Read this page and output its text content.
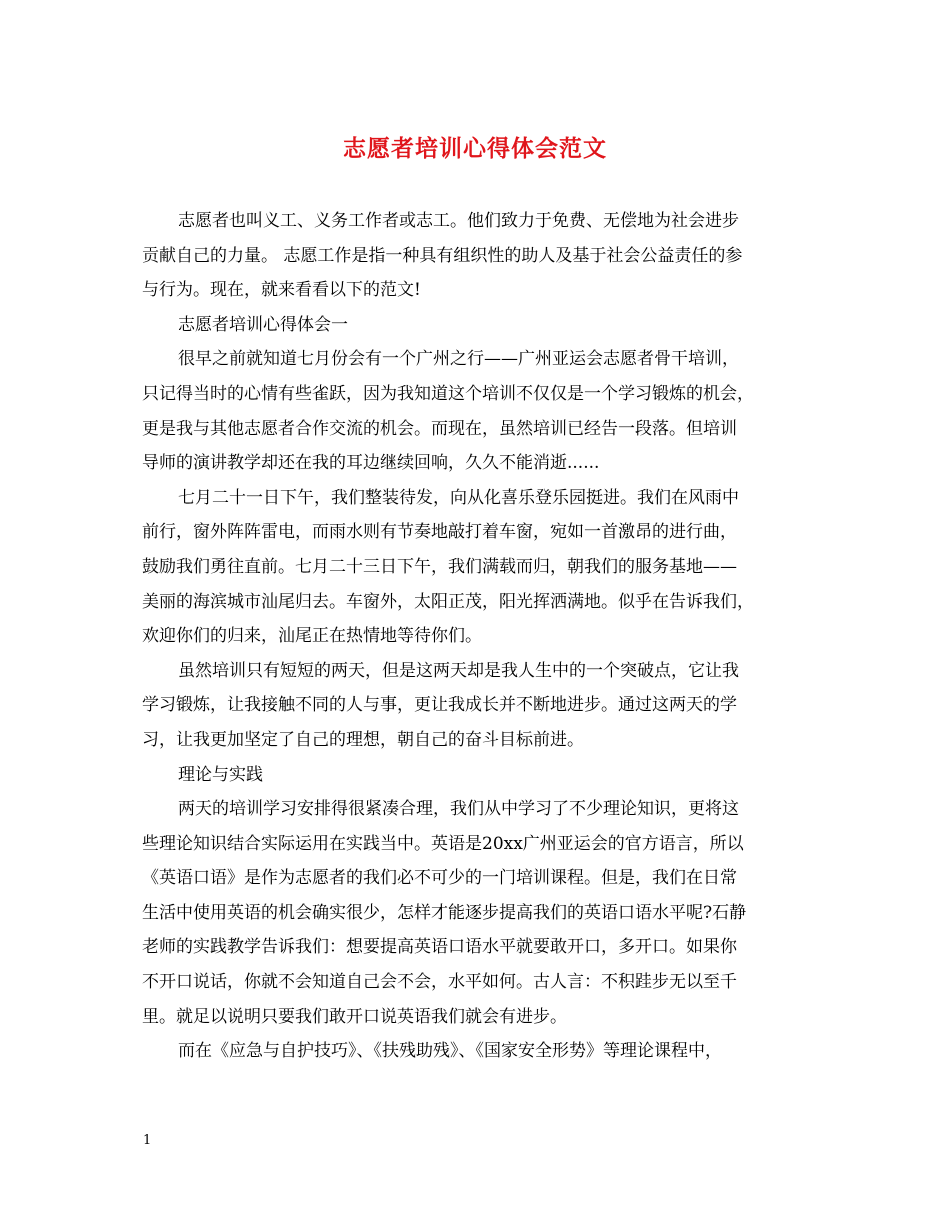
志愿者培训心得体会范文
志愿者也叫义工、义务工作者或志工。他们致力于免费、无偿地为社会进步
贡献自己的力量。 志愿工作是指一种具有组织性的助人及基于社会公益责任的参
与行为。现在，就来看看以下的范文!
志愿者培训心得体会一
很早之前就知道七月份会有一个广州之行——广州亚运会志愿者骨干培训，
只记得当时的心情有些雀跃，因为我知道这个培训不仅仅是一个学习锻炼的机会，
更是我与其他志愿者合作交流的机会。而现在，虽然培训已经告一段落。但培训
导师的演讲教学却还在我的耳边继续回响，久久不能消逝......
七月二十一日下午，我们整装待发，向从化喜乐登乐园挺进。我们在风雨中
前行，窗外阵阵雷电，而雨水则有节奏地敲打着车窗，宛如一首激昂的进行曲，
鼓励我们勇往直前。七月二十三日下午，我们满载而归，朝我们的服务基地——
美丽的海滨城市汕尾归去。车窗外，太阳正茂，阳光挥洒满地。似乎在告诉我们，
欢迎你们的归来，汕尾正在热情地等待你们。
虽然培训只有短短的两天，但是这两天却是我人生中的一个突破点，它让我
学习锻炼，让我接触不同的人与事，更让我成长并不断地进步。通过这两天的学
习，让我更加坚定了自己的理想，朝自己的奋斗目标前进。
理论与实践
两天的培训学习安排得很紧凑合理，我们从中学习了不少理论知识，更将这
些理论知识结合实际运用在实践当中。英语是20xx广州亚运会的官方语言，所以
《英语口语》是作为志愿者的我们必不可少的一门培训课程。但是，我们在日常
生活中使用英语的机会确实很少，怎样才能逐步提高我们的英语口语水平呢?石静
老师的实践教学告诉我们：想要提高英语口语水平就要敢开口，多开口。如果你
不开口说话，你就不会知道自己会不会，水平如何。古人言：不积跬步无以至千
里。就足以说明只要我们敢开口说英语我们就会有进步。
而在《应急与自护技巧》、《扶残助残》、《国家安全形势》等理论课程中，
1
